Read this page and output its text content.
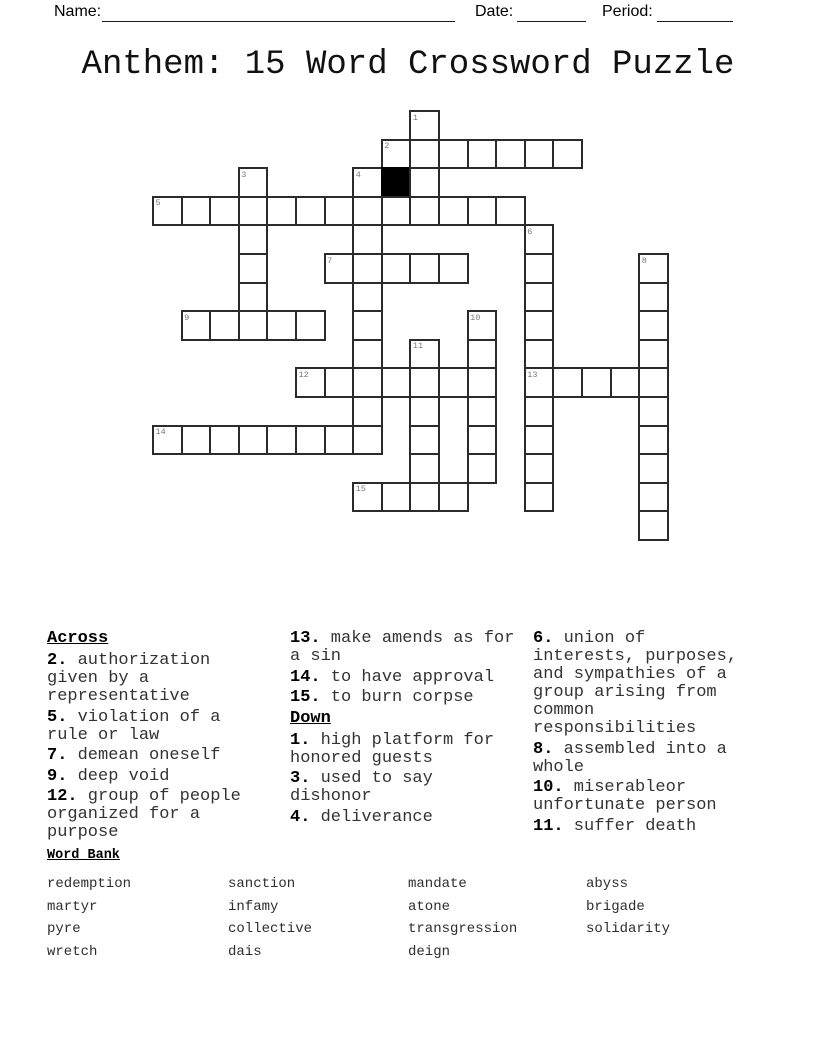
Name:	Date:	Period:
Anthem: 15 Word Crossword Puzzle
1
2
3	4
5
6
7	8
9	10
11
12	13
14
15
Across
2. authorization given by a representative
5. violation of a rule or law
7. demean oneself
9. deep void
12. group of people organized for a purpose
13. make amends as for a sin
14. to have approval
15. to burn corpse
Down
1. high platform for honored guests
3. used to say dishonor
4. deliverance
6. union of interests, purposes, and sympathies of a group arising from common responsibilities
8. assembled into a whole
10. miserableor unfortunate person
11. suffer death
Word Bank
redemption	sanction	mandate	abyss
martyr	infamy	atone	brigade
pyre	collective	transgression	solidarity
wretch	dais	deign
